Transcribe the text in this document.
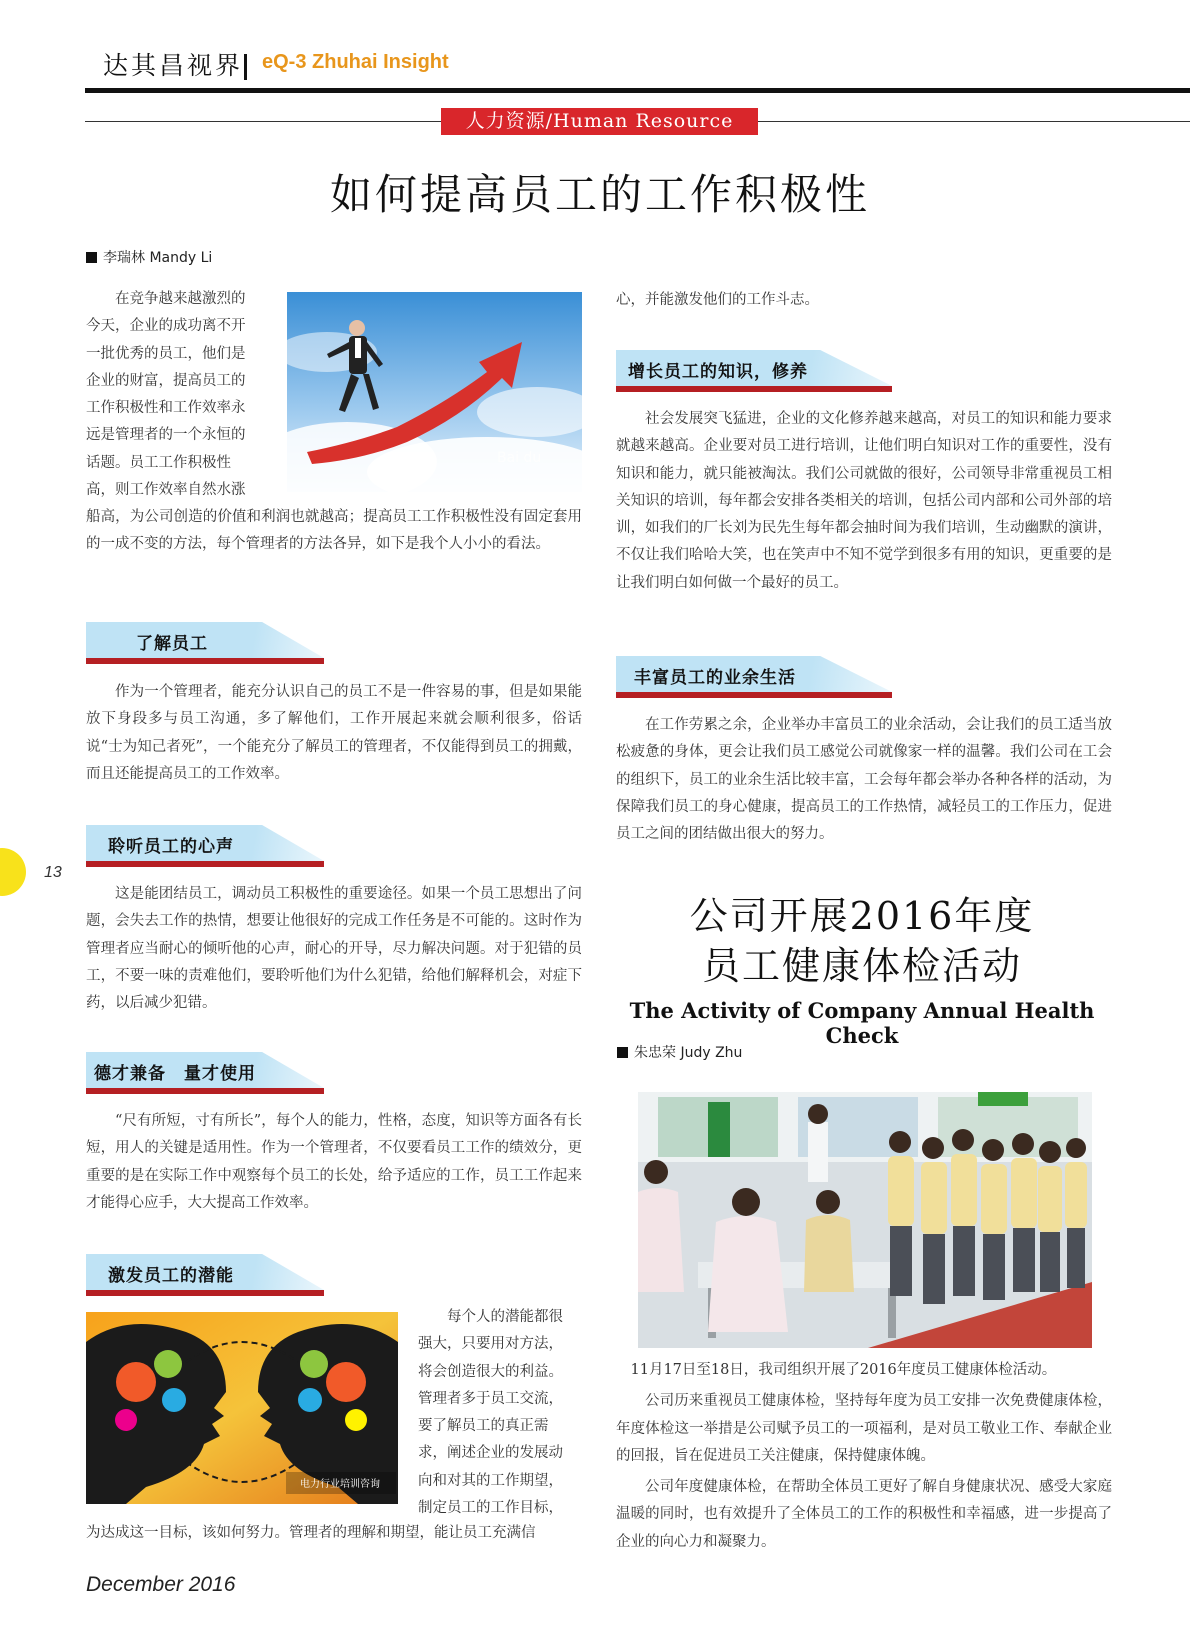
达其昌视界 eQ-3 Zhuhai Insight
人力资源/Human Resource
如何提高员工的工作积极性
李瑞林 Mandy Li

在竞争越来越激烈的

今天，企业的成功离不开

一批优秀的员工，他们是

企业的财富，提高员工的

工作积极性和工作效率永

远是管理者的一个永恒的

话题。员工工作积极性

高，则工作效率自然水涨

Bai du

船高，为公司创造的价值和利润也就越高；提高员工工作积极性没有固定套用的一成不变的方法，每个管理者的方法各异，如下是我个人小小的看法。

了解员工

作为一个管理者，能充分认识自己的员工不是一件容易的事，但是如果能放下身段多与员工沟通，多了解他们，工作开展起来就会顺利很多，俗话说“士为知己者死”，一个能充分了解员工的管理者，不仅能得到员工的拥戴，而且还能提高员工的工作效率。

聆听员工的心声

这是能团结员工，调动员工积极性的重要途径。如果一个员工思想出了问题，会失去工作的热情，想要让他很好的完成工作任务是不可能的。这时作为管理者应当耐心的倾听他的心声，耐心的开导，尽力解决问题。对于犯错的员工，不要一味的责难他们，要聆听他们为什么犯错，给他们解释机会，对症下药，以后减少犯错。

德才兼备　量才使用

“尺有所短，寸有所长”，每个人的能力，性格，态度，知识等方面各有长短，用人的关键是适用性。作为一个管理者，不仅要看员工工作的绩效分，更重要的是在实际工作中观察每个员工的长处，给予适应的工作，员工工作起来才能得心应手，大大提高工作效率。

激发员工的潜能
电力行业培训咨询

每个人的潜能都很

强大，只要用对方法，

将会创造很大的利益。

管理者多于员工交流，

要了解员工的真正需

求，阐述企业的发展动

向和对其的工作期望，

制定员工的工作目标，

为达成这一目标，该如何努力。管理者的理解和期望，能让员工充满信

心，并能激发他们的工作斗志。

增长员工的知识，修养

社会发展突飞猛进，企业的文化修养越来越高，对员工的知识和能力要求就越来越高。企业要对员工进行培训，让他们明白知识对工作的重要性，没有知识和能力，就只能被淘汰。我们公司就做的很好，公司领导非常重视员工相关知识的培训，每年都会安排各类相关的培训，包括公司内部和公司外部的培训，如我们的厂长刘为民先生每年都会抽时间为我们培训，生动幽默的演讲，不仅让我们哈哈大笑，也在笑声中不知不觉学到很多有用的知识，更重要的是让我们明白如何做一个最好的员工。

丰富员工的业余生活

在工作劳累之余，企业举办丰富员工的业余活动，会让我们的员工适当放松疲惫的身体，更会让我们员工感觉公司就像家一样的温馨。我们公司在工会的组织下，员工的业余生活比较丰富，工会每年都会举办各种各样的活动，为保障我们员工的身心健康，提高员工的工作热情，减轻员工的工作压力，促进员工之间的团结做出很大的努力。

公司开展2016年度
员工健康体检活动
The Activity of Company Annual Health Check
朱忠荣 Judy Zhu

11月17日至18日，我司组织开展了2016年度员工健康体检活动。

公司历来重视员工健康体检，坚持每年度为员工安排一次免费健康体检，年度体检这一举措是公司赋予员工的一项福利，是对员工敬业工作、奉献企业的回报，旨在促进员工关注健康，保持健康体魄。

公司年度健康体检，在帮助全体员工更好了解自身健康状况、感受大家庭温暖的同时，也有效提升了全体员工的工作的积极性和幸福感，进一步提高了企业的向心力和凝聚力。

13
December 2016
